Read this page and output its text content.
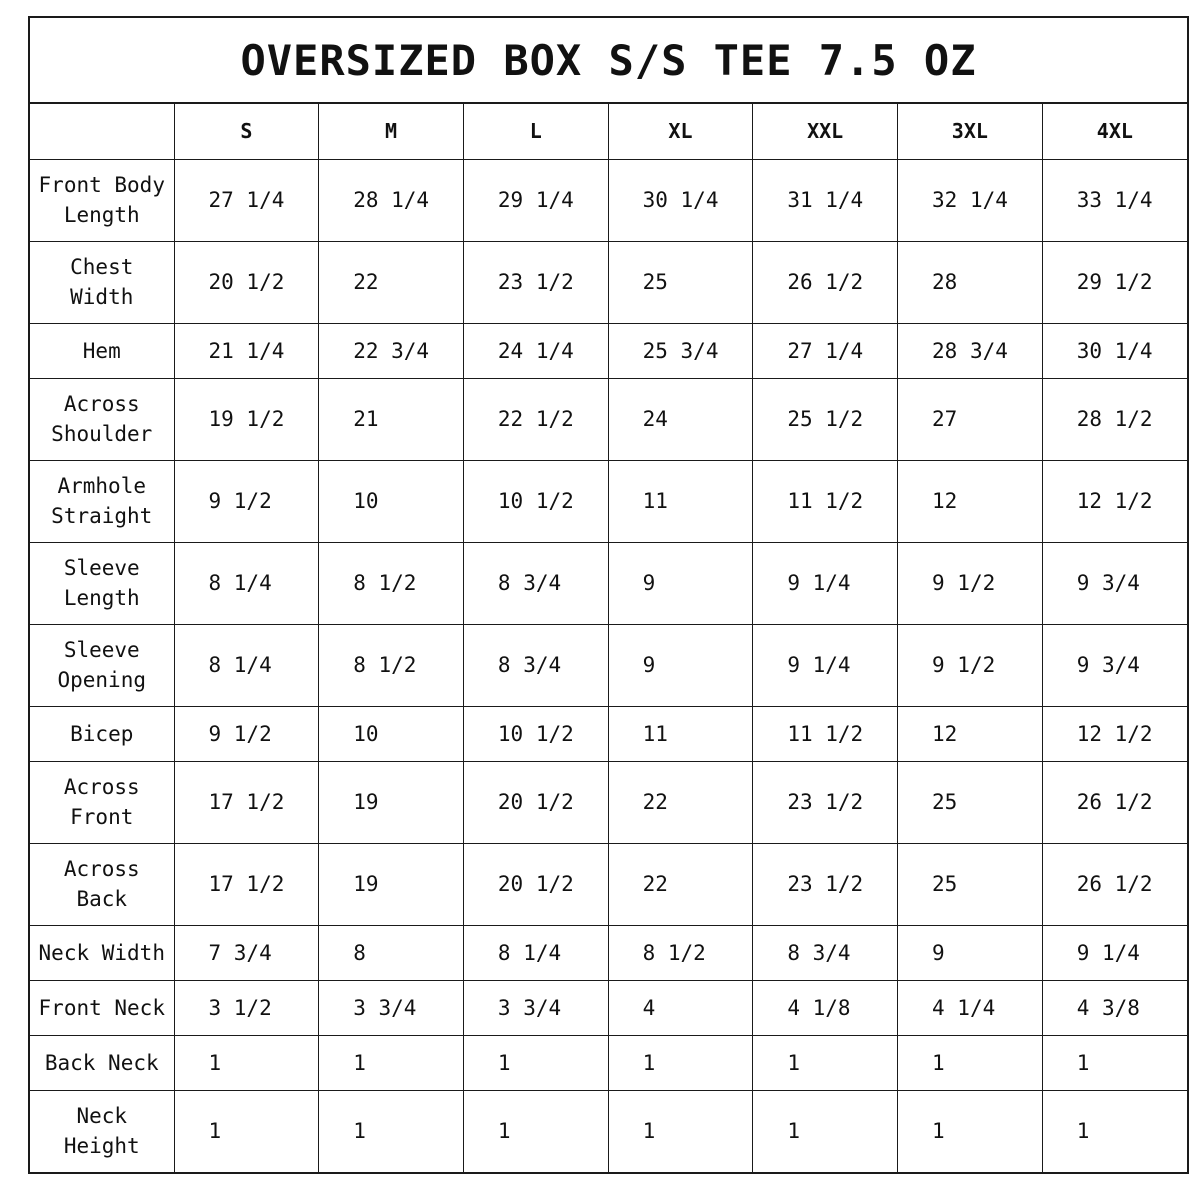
OVERSIZED BOX S/S TEE 7.5 OZ
	S	M	L	XL	XXL	3XL	4XL
Front Body
Length	27 1/4	28 1/4	29 1/4	30 1/4	31 1/4	32 1/4	33 1/4
Chest
Width	20 1/2	22	23 1/2	25	26 1/2	28	29 1/2
Hem	21 1/4	22 3/4	24 1/4	25 3/4	27 1/4	28 3/4	30 1/4
Across
Shoulder	19 1/2	21	22 1/2	24	25 1/2	27	28 1/2
Armhole
Straight	9 1/2	10	10 1/2	11	11 1/2	12	12 1/2
Sleeve
Length	8 1/4	8 1/2	8 3/4	9	9 1/4	9 1/2	9 3/4
Sleeve
Opening	8 1/4	8 1/2	8 3/4	9	9 1/4	9 1/2	9 3/4
Bicep	9 1/2	10	10 1/2	11	11 1/2	12	12 1/2
Across
Front	17 1/2	19	20 1/2	22	23 1/2	25	26 1/2
Across
Back	17 1/2	19	20 1/2	22	23 1/2	25	26 1/2
Neck Width	7 3/4	8	8 1/4	8 1/2	8 3/4	9	9 1/4
Front Neck	3 1/2	3 3/4	3 3/4	4	4 1/8	4 1/4	4 3/8
Back Neck	1	1	1	1	1	1	1
Neck
Height	1	1	1	1	1	1	1
